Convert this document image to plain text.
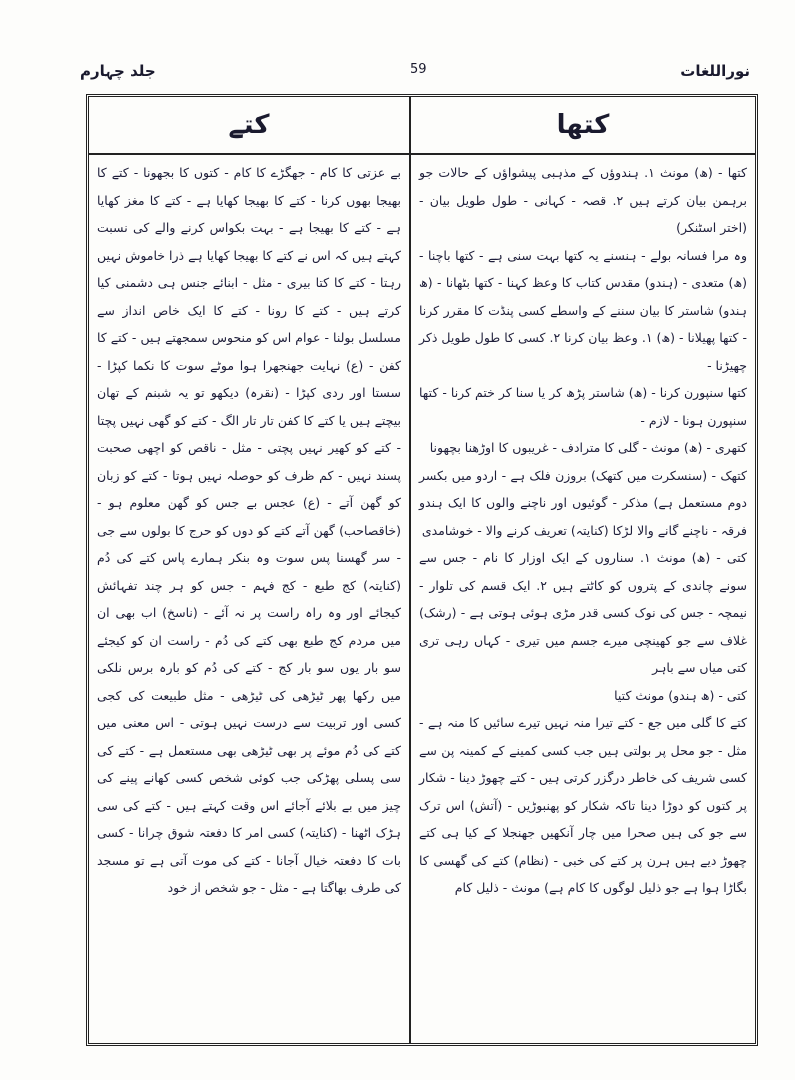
جلد چہارم	59	نوراللغات
کتے	کتھا

کتھا - (ھ) مونث ۱. ہندوؤں کے مذہبی پیشواؤں کے حالات جو برہمن بیان کرتے ہیں ۲. قصہ - کہانی - طول طویل بیان - (اختر اسٹنکر)

وہ مرا فسانہ بولے - ہنسنے یہ کتھا بہت سنی ہے - کتھا باچنا - (ھ) متعدی - (ہندو) مقدس کتاب کا وعظ کہنا - کتھا بٹھانا - (ھ ہندو) شاستر کا بیان سننے کے واسطے کسی پنڈت کا مقرر کرنا - کتھا پھیلانا - (ھ) ۱. وعظ بیان کرنا ۲. کسی کا طول طویل ذکر چھیڑنا -

کتھا سنپورن کرنا - (ھ) شاستر پڑھ کر یا سنا کر ختم کرنا - کتھا سنپورن ہونا - لازم -

کتھری - (ھ) مونث - گلی کا مترادف - غریبوں کا اوڑھنا بچھونا

کتھک - (سنسکرت میں کتھک) بروزن فلک ہے - اردو میں بکسر دوم مستعمل ہے) مذکر - گوئیوں اور ناچنے والوں کا ایک ہندو فرقہ - ناچنے گانے والا لڑکا (کنایتہ) تعریف کرنے والا - خوشامدی

کتی - (ھ) مونث ۱. سناروں کے ایک اوزار کا نام - جس سے سونے چاندی کے پتروں کو کاٹتے ہیں ۲. ایک قسم کی تلوار - نیمچہ - جس کی نوک کسی قدر مڑی ہوئی ہوتی ہے - (رشک) غلاف سے جو کھینچی میرے جسم میں تیری - کہاں رہی تری کتی میاں سے باہر

کتی - (ھ ہندو) مونث کتیا

کتے کا گلی میں جع - کتے تیرا منہ نہیں تیرے سائیں کا منہ ہے - مثل - جو محل پر بولتی ہیں جب کسی کمینے کے کمینہ پن سے کسی شریف کی خاطر درگزر کرتی ہیں - کتے چھوڑ دینا - شکار پر کتوں کو دوڑا دینا تاکہ شکار کو پھنبوڑیں - (آتش) اس ترک سے جو کی ہیں صحرا میں چار آنکھیں جھنجلا کے کیا ہی کتے چھوڑ دیے ہیں ہرن پر کتے کی خبی - (نظام) کتے کی گھسی کا بگاڑا ہوا ہے جو ذلیل لوگوں کا کام ہے) مونث - ذلیل کام

بے عزتی کا کام - جھگڑے کا کام - کتوں کا بجھونا - کتے کا بھیجا بھوں کرنا - کتے کا بھیجا کھایا ہے - کتے کا مغز کھایا ہے - کتے کا بھیجا ہے - بہت بکواس کرنے والے کی نسبت کہتے ہیں کہ اس نے کتے کا بھیجا کھایا ہے ذرا خاموش نہیں رہتا - کتے کا کتا بیری - مثل - ابنائے جنس ہی دشمنی کیا کرتے ہیں - کتے کا رونا - کتے کا ایک خاص انداز سے مسلسل بولنا - عوام اس کو منحوس سمجھتے ہیں - کتے کا کفن - (ع) نہایت جھنجھرا ہوا موٹے سوت کا نکما کپڑا - سستا اور ردی کپڑا - (نقرہ) دیکھو تو یہ شبنم کے تھان بیچتے ہیں یا کتے کا کفن تار تار الگ - کتے کو گھی نہیں پچتا - کتے کو کھیر نہیں پچتی - مثل - ناقص کو اچھی صحبت پسند نہیں - کم ظرف کو حوصلہ نہیں ہوتا - کتے کو زبان کو گھن آتے - (ع) عجس بے جس کو گھن معلوم ہو - (خاقصاحب) گھن آتے کتے کو دوں کو حرج کا بولوں سے جی - سر گھسنا پس سوت وہ بنکر ہمارے پاس کتے کی دُم (کنایتہ) کج طبع - کج فہم - جس کو ہر چند تفہائش کیجائے اور وہ راہ راست پر نہ آئے - (ناسخ) اب بھی ان میں مردم کج طبع بھی کتے کی دُم - راست ان کو کیجئے سو بار یوں سو بار کج - کتے کی دُم کو بارہ برس نلکی میں رکھا پھر ٹیڑھی کی ٹیڑھی - مثل طبیعت کی کجی کسی اور تربیت سے درست نہیں ہوتی - اس معنی میں کتے کی دُم موئے پر بھی ٹیڑھی بھی مستعمل ہے - کتے کی سی پسلی پھڑکی جب کوئی شخص کسی کھانے پینے کی چیز میں بے بلائے آجائے اس وقت کہتے ہیں - کتے کی سی ہڑک اٹھنا - (کنایتہ) کسی امر کا دفعتہ شوق چرانا - کسی بات کا دفعتہ خیال آجانا - کتے کی موت آتی ہے تو مسجد کی طرف بھاگتا ہے - مثل - جو شخص از خود
